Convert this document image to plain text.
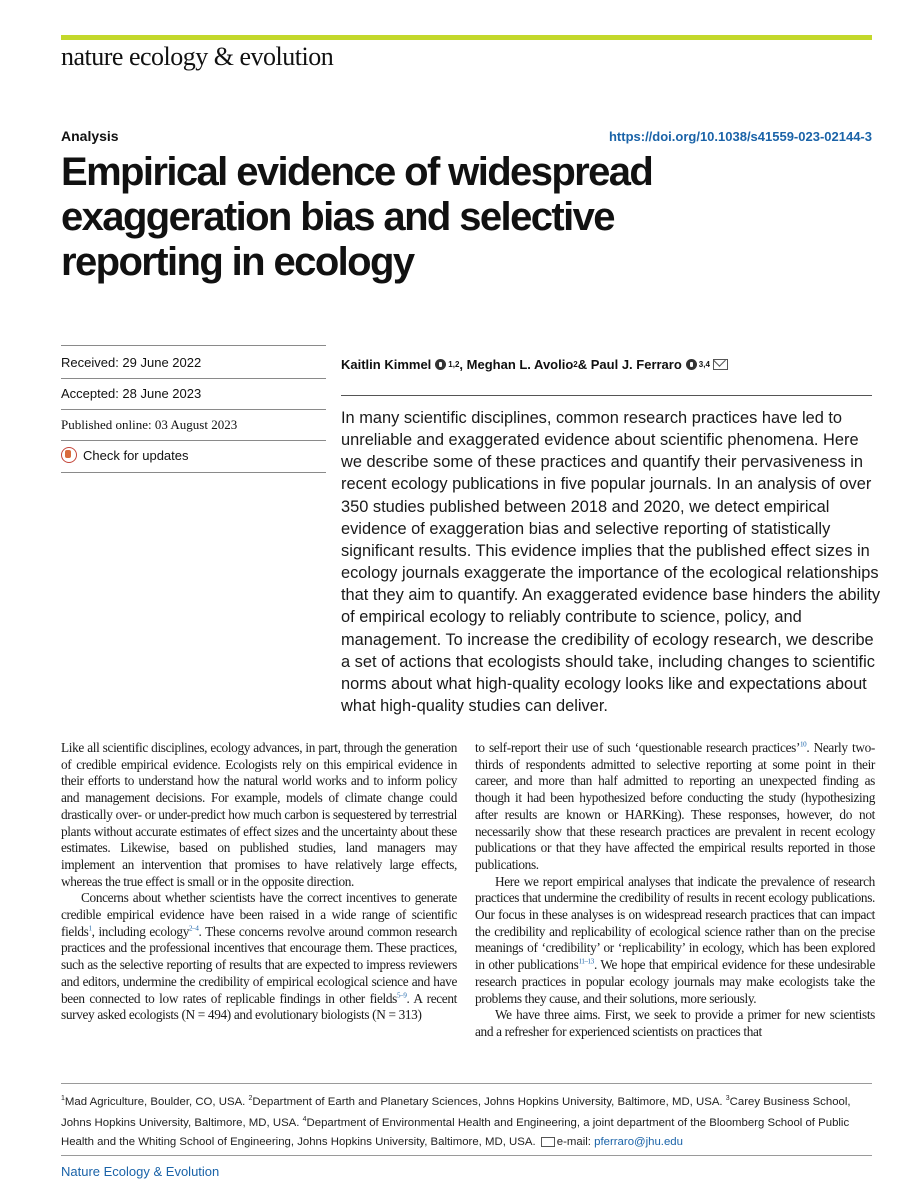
nature ecology & evolution
Analysis	https://doi.org/10.1038/s41559-023-02144-3
Empirical evidence of widespread
exaggeration bias and selective
reporting in ecology
Received: 29 June 2022
Accepted: 28 June 2023
Published online: 03 August 2023
Check for updates
Kaitlin Kimmel 1,2 , Meghan L. Avolio 2 & Paul J. Ferraro 3,4

In many scientific disciplines, common research practices have led to unreliable and exaggerated evidence about scientific phenomena. Here we describe some of these practices and quantify their pervasiveness in recent ecology publications in five popular journals. In an analysis of over 350 studies published between 2018 and 2020, we detect empirical evidence of exaggeration bias and selective reporting of statistically significant results. This evidence implies that the published effect sizes in ecology journals exaggerate the importance of the ecological relationships that they aim to quantify. An exaggerated evidence base hinders the ability of empirical ecology to reliably contribute to science, policy, and management. To increase the credibility of ecology research, we describe a set of actions that ecologists should take, including changes to scientific norms about what high-quality ecology looks like and expectations about what high-quality studies can deliver.

Like all scientific disciplines, ecology advances, in part, through the generation of credible empirical evidence. Ecologists rely on this empirical evidence in their efforts to understand how the natural world works and to inform policy and management decisions. For example, models of climate change could drastically over- or under-predict how much carbon is sequestered by terrestrial plants without accurate estimates of effect sizes and the uncertainty about these estimates. Likewise, based on published studies, land managers may implement an intervention that promises to have relatively large effects, whereas the true effect is small or in the opposite direction.

Concerns about whether scientists have the correct incentives to generate credible empirical evidence have been raised in a wide range of scientific fields$^1$, including ecology$^{2-4}$. These concerns revolve around common research practices and the professional incentives that encourage them. These practices, such as the selective reporting of results that are expected to impress reviewers and editors, undermine the credibility of empirical ecological science and have been connected to low rates of replicable findings in other fields$^{5-9}$. A recent survey asked ecologists (N = 494) and evolutionary biologists (N = 313)

to self-report their use of such ‘questionable research practices’$^{10}$. Nearly two-thirds of respondents admitted to selective reporting at some point in their career, and more than half admitted to reporting an unexpected finding as though it had been hypothesized before conducting the study (hypothesizing after results are known or HARKing). These responses, however, do not necessarily show that these research practices are prevalent in recent ecology publications or that they have affected the empirical results reported in those publications.

Here we report empirical analyses that indicate the prevalence of research practices that undermine the credibility of results in recent ecology publications. Our focus in these analyses is on widespread research practices that can impact the credibility and replicability of ecological science rather than on the precise meanings of ‘credibility’ or ‘replicability’ in ecology, which has been explored in other publications$^{11-13}$. We hope that empirical evidence for these undesirable research practices in popular ecology journals may make ecologists take the problems they cause, and their solutions, more seriously.

We have three aims. First, we seek to provide a primer for new scientists and a refresher for experienced scientists on practices that

$^1$Mad Agriculture, Boulder, CO, USA. $^2$Department of Earth and Planetary Sciences, Johns Hopkins University, Baltimore, MD, USA. $^3$Carey Business School, Johns Hopkins University, Baltimore, MD, USA. $^4$Department of Environmental Health and Engineering, a joint department of the Bloomberg School of Public Health and the Whiting School of Engineering, Johns Hopkins University, Baltimore, MD, USA. e-mail: pferraro@jhu.edu

Nature Ecology & Evolution
